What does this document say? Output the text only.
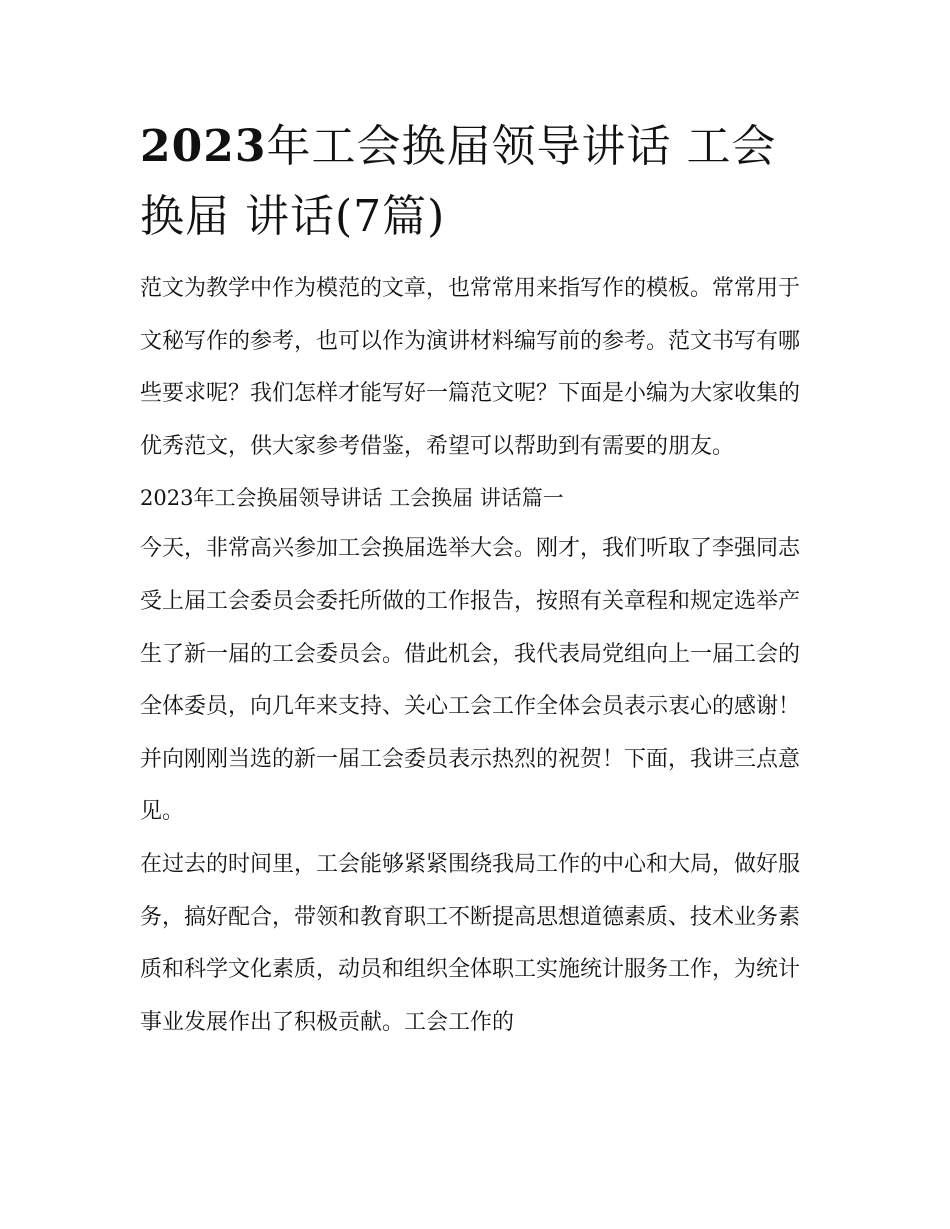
2023年工会换届领导讲话 工会换届 讲话(7篇)

范文为教学中作为模范的文章，也常常用来指写作的模板。常常用于文秘写作的参考，也可以作为演讲材料编写前的参考。范文书写有哪些要求呢？我们怎样才能写好一篇范文呢？下面是小编为大家收集的优秀范文，供大家参考借鉴，希望可以帮助到有需要的朋友。

2023年工会换届领导讲话 工会换届 讲话篇一

今天，非常高兴参加工会换届选举大会。刚才，我们听取了李强同志受上届工会委员会委托所做的工作报告，按照有关章程和规定选举产生了新一届的工会委员会。借此机会，我代表局党组向上一届工会的全体委员，向几年来支持、关心工会工作全体会员表示衷心的感谢！并向刚刚当选的新一届工会委员表示热烈的祝贺！下面，我讲三点意见。

在过去的时间里，工会能够紧紧围绕我局工作的中心和大局，做好服务，搞好配合，带领和教育职工不断提高思想道德素质、技术业务素质和科学文化素质，动员和组织全体职工实施统计服务工作，为统计事业发展作出了积极贡献。工会工作的
